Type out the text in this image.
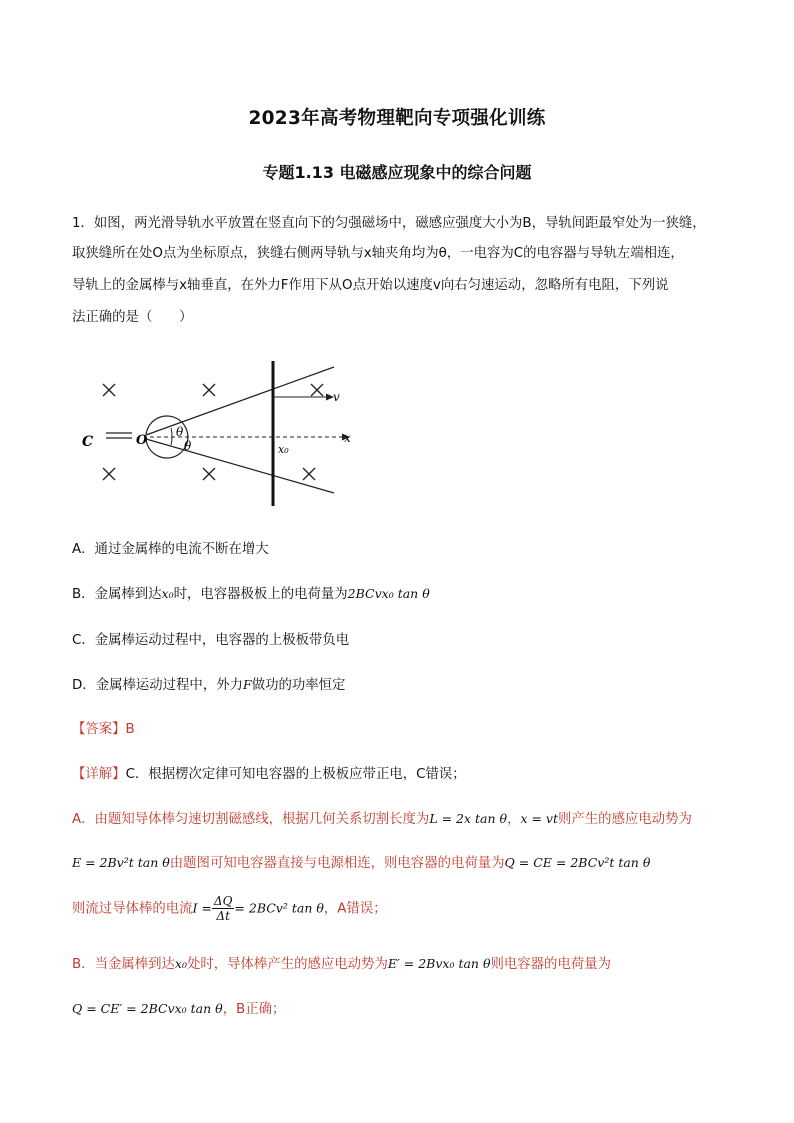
2023年高考物理靶向专项强化训练
专题1.13 电磁感应现象中的综合问题
1．如图，两光滑导轨水平放置在竖直向下的匀强磁场中，磁感应强度大小为B，导轨间距最窄处为一狭缝，
取狭缝所在处O点为坐标原点，狭缝右侧两导轨与x轴夹角均为θ，一电容为C的电容器与导轨左端相连，
导轨上的金属棒与x轴垂直，在外力F作用下从O点开始以速度v向右匀速运动，忽略所有电阻，下列说
法正确的是（　　）
C	O
θ
θ	x₀
x
v
A．通过金属棒的电流不断在增大
B．金属棒到达x₀时，电容器极板上的电荷量为2BCvx₀ tan θ
C．金属棒运动过程中，电容器的上极板带负电
D．金属棒运动过程中，外力F做功的功率恒定
【答案】B
【详解】C．根据楞次定律可知电容器的上极板应带正电，C错误；
A．由题知导体棒匀速切割磁感线，根据几何关系切割长度为L = 2x tan θ，x = vt则产生的感应电动势为
E = 2Bv²t tan θ由题图可知电容器直接与电源相连，则电容器的电荷量为Q = CE = 2BCv²t tan θ
则流过导体棒的电流$I = \frac{\Delta Q}{\Delta t} = 2BCv^2$ tan θ，A错误；
B．当金属棒到达x₀处时，导体棒产生的感应电动势为E′ = 2Bvx₀ tan θ则电容器的电荷量为
Q = CE′ = 2BCvx₀ tan θ，B正确；
